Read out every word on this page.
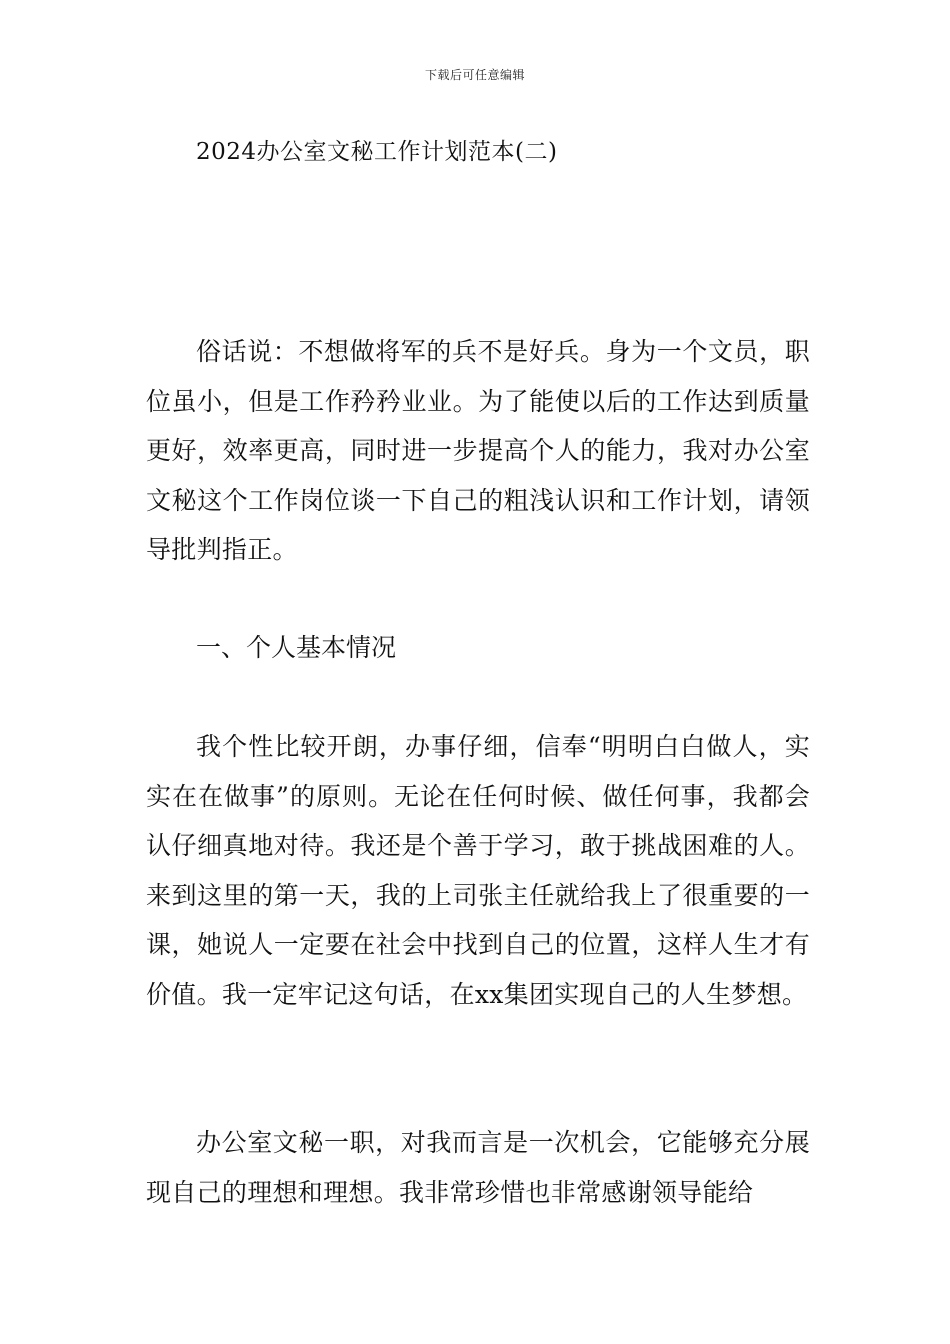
下载后可任意编辑
2024办公室文秘工作计划范本(二)

俗话说：不想做将军的兵不是好兵。身为一个文员，职位虽小，但是工作矜矜业业。为了能使以后的工作达到质量更好，效率更高，同时进一步提高个人的能力，我对办公室文秘这个工作岗位谈一下自己的粗浅认识和工作计划，请领导批判指正。

一、个人基本情况

我个性比较开朗，办事仔细，信奉“明明白白做人，实实在在做事”的原则。无论在任何时候、做任何事，我都会认仔细真地对待。我还是个善于学习，敢于挑战困难的人。来到这里的第一天，我的上司张主任就给我上了很重要的一课，她说人一定要在社会中找到自己的位置，这样人生才有价值。我一定牢记这句话，在xx集团实现自己的人生梦想。

办公室文秘一职，对我而言是一次机会，它能够充分展现自己的理想和理想。我非常珍惜也非常感谢领导能给
